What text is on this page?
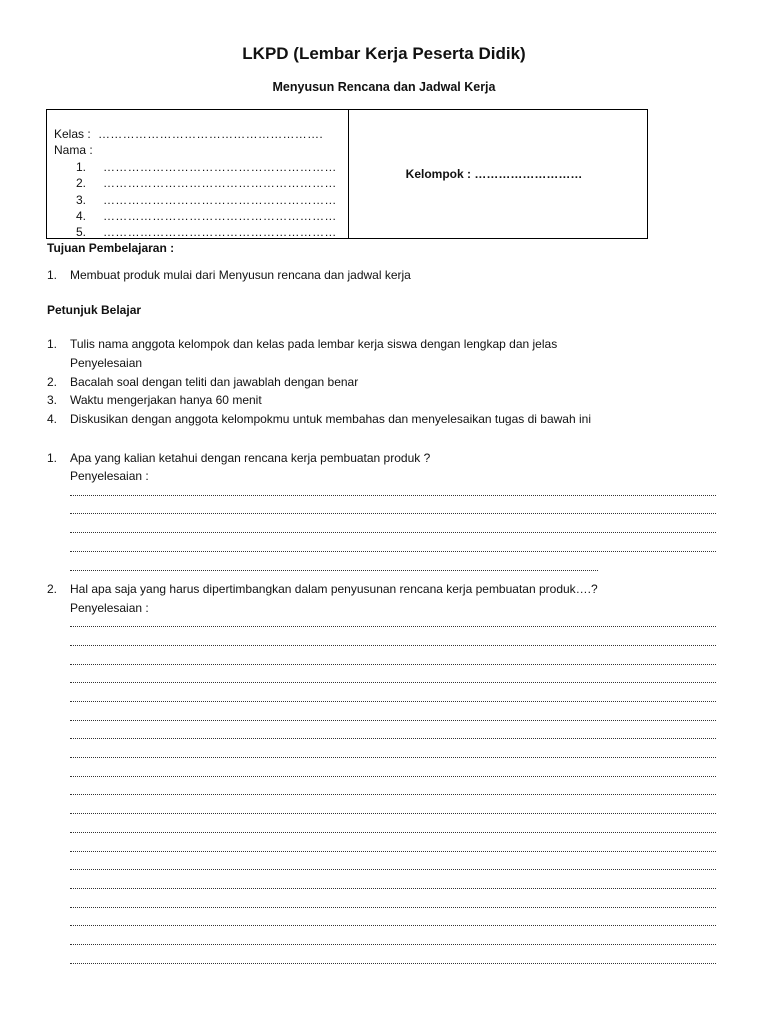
LKPD (Lembar Kerja Peserta Didik)
Menyusun Rencana dan Jadwal Kerja
Kelas : ……………………………………………….
Nama :
1.	…………………………………………………
2.	…………………………………………………
3.	…………………………………………………
4.	…………………………………………………
5.	…………………………………………………
Kelompok : ………………………
Tujuan Pembelajaran :
1.	Membuat produk mulai dari Menyusun rencana dan jadwal kerja
Petunjuk Belajar
1.	Tulis nama anggota kelompok dan kelas pada lembar kerja siswa dengan lengkap dan jelas
Penyelesaian
2.	Bacalah soal dengan teliti dan jawablah dengan benar
3.	Waktu mengerjakan hanya 60 menit
4.	Diskusikan dengan anggota kelompokmu untuk membahas dan menyelesaikan tugas di bawah ini
1.	Apa yang kalian ketahui dengan rencana kerja pembuatan produk ?
Penyelesaian :
2.	Hal apa saja yang harus dipertimbangkan dalam penyusunan rencana kerja pembuatan produk….?
Penyelesaian :
